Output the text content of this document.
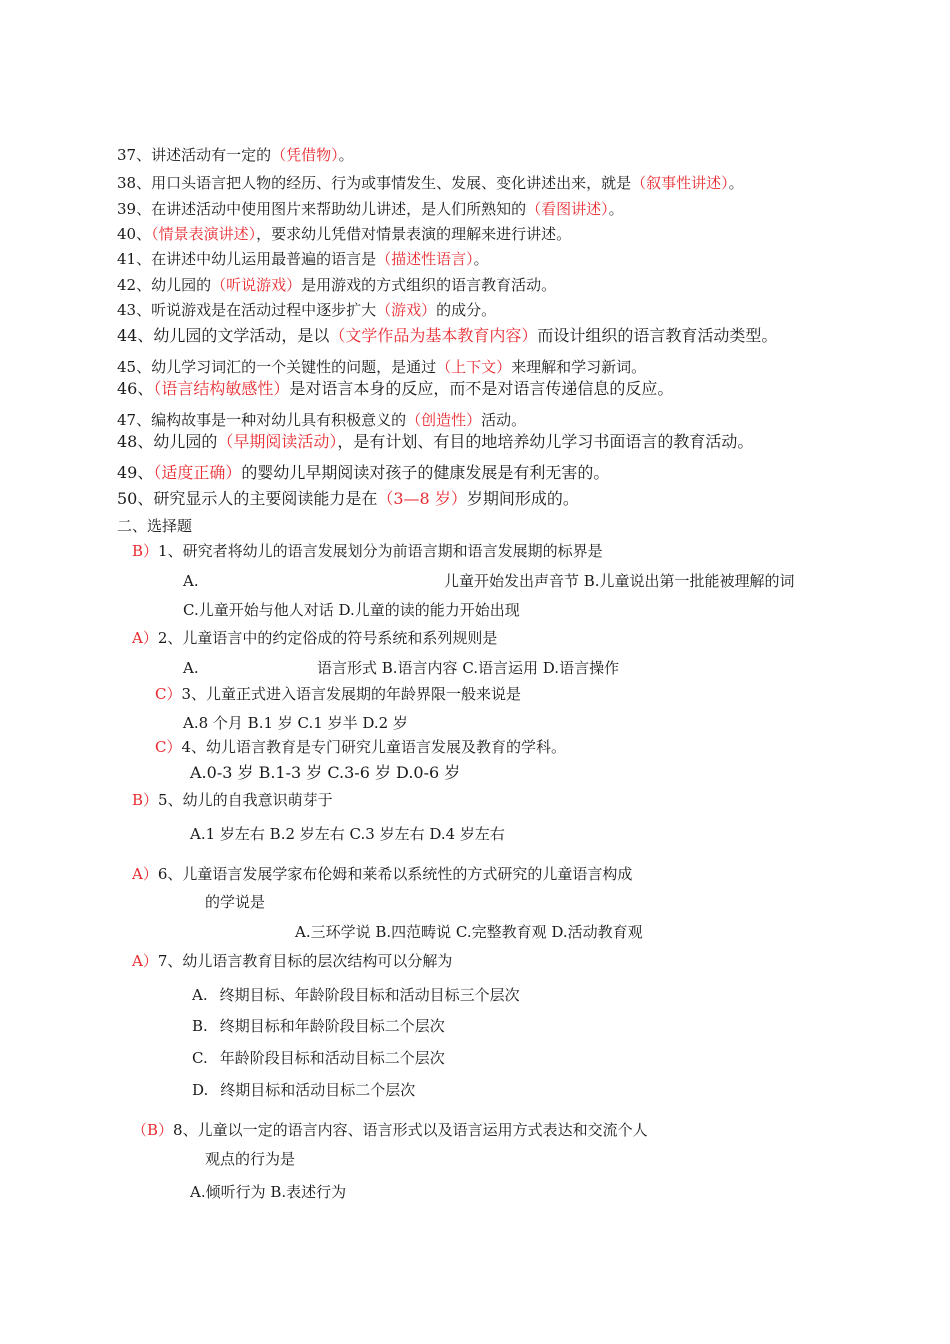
37、讲述活动有一定的（凭借物）。
38、用口头语言把人物的经历、行为或事情发生、发展、变化讲述出来，就是（叙事性讲述）。
39、在讲述活动中使用图片来帮助幼儿讲述，是人们所熟知的（看图讲述）。
40、（情景表演讲述），要求幼儿凭借对情景表演的理解来进行讲述。
41、在讲述中幼儿运用最普遍的语言是（描述性语言）。
42、幼儿园的（听说游戏）是用游戏的方式组织的语言教育活动。
43、听说游戏是在活动过程中逐步扩大（游戏）的成分。
44、幼儿园的文学活动，是以（文学作品为基本教育内容）而设计组织的语言教育活动类型。
45、幼儿学习词汇的一个关键性的问题，是通过（上下文）来理解和学习新词。
46、（语言结构敏感性）是对语言本身的反应，而不是对语言传递信息的反应。
47、编构故事是一种对幼儿具有积极意义的（创造性）活动。
48、幼儿园的（早期阅读活动），是有计划、有目的地培养幼儿学习书面语言的教育活动。
49、（适度正确）的婴幼儿早期阅读对孩子的健康发展是有利无害的。
50、研究显示人的主要阅读能力是在（3—8 岁）岁期间形成的。
二、选择题
B）1、研究者将幼儿的语言发展划分为前语言期和语言发展期的标界是
A.	儿童开始发出声音节 B.儿童说出第一批能被理解的词
C.儿童开始与他人对话 D.儿童的读的能力开始出现
A）2、儿童语言中的约定俗成的符号系统和系列规则是
A.	语言形式 B.语言内容 C.语言运用 D.语言操作
C）3、儿童正式进入语言发展期的年龄界限一般来说是
A.8 个月 B.1 岁 C.1 岁半 D.2 岁
C）4、幼儿语言教育是专门研究儿童语言发展及教育的学科。
A.0-3 岁 B.1-3 岁 C.3-6 岁 D.0-6 岁
B）5、幼儿的自我意识萌芽于
A.1 岁左右 B.2 岁左右 C.3 岁左右 D.4 岁左右
A）6、儿童语言发展学家布伦姆和莱希以系统性的方式研究的儿童语言构成
的学说是
A.三环学说 B.四范畴说 C.完整教育观 D.活动教育观
A）7、幼儿语言教育目标的层次结构可以分解为
A. 终期目标、年龄阶段目标和活动目标三个层次
B. 终期目标和年龄阶段目标二个层次
C. 年龄阶段目标和活动目标二个层次
D. 终期目标和活动目标二个层次
（B）8、儿童以一定的语言内容、语言形式以及语言运用方式表达和交流个人
观点的行为是
A.倾听行为 B.表述行为
